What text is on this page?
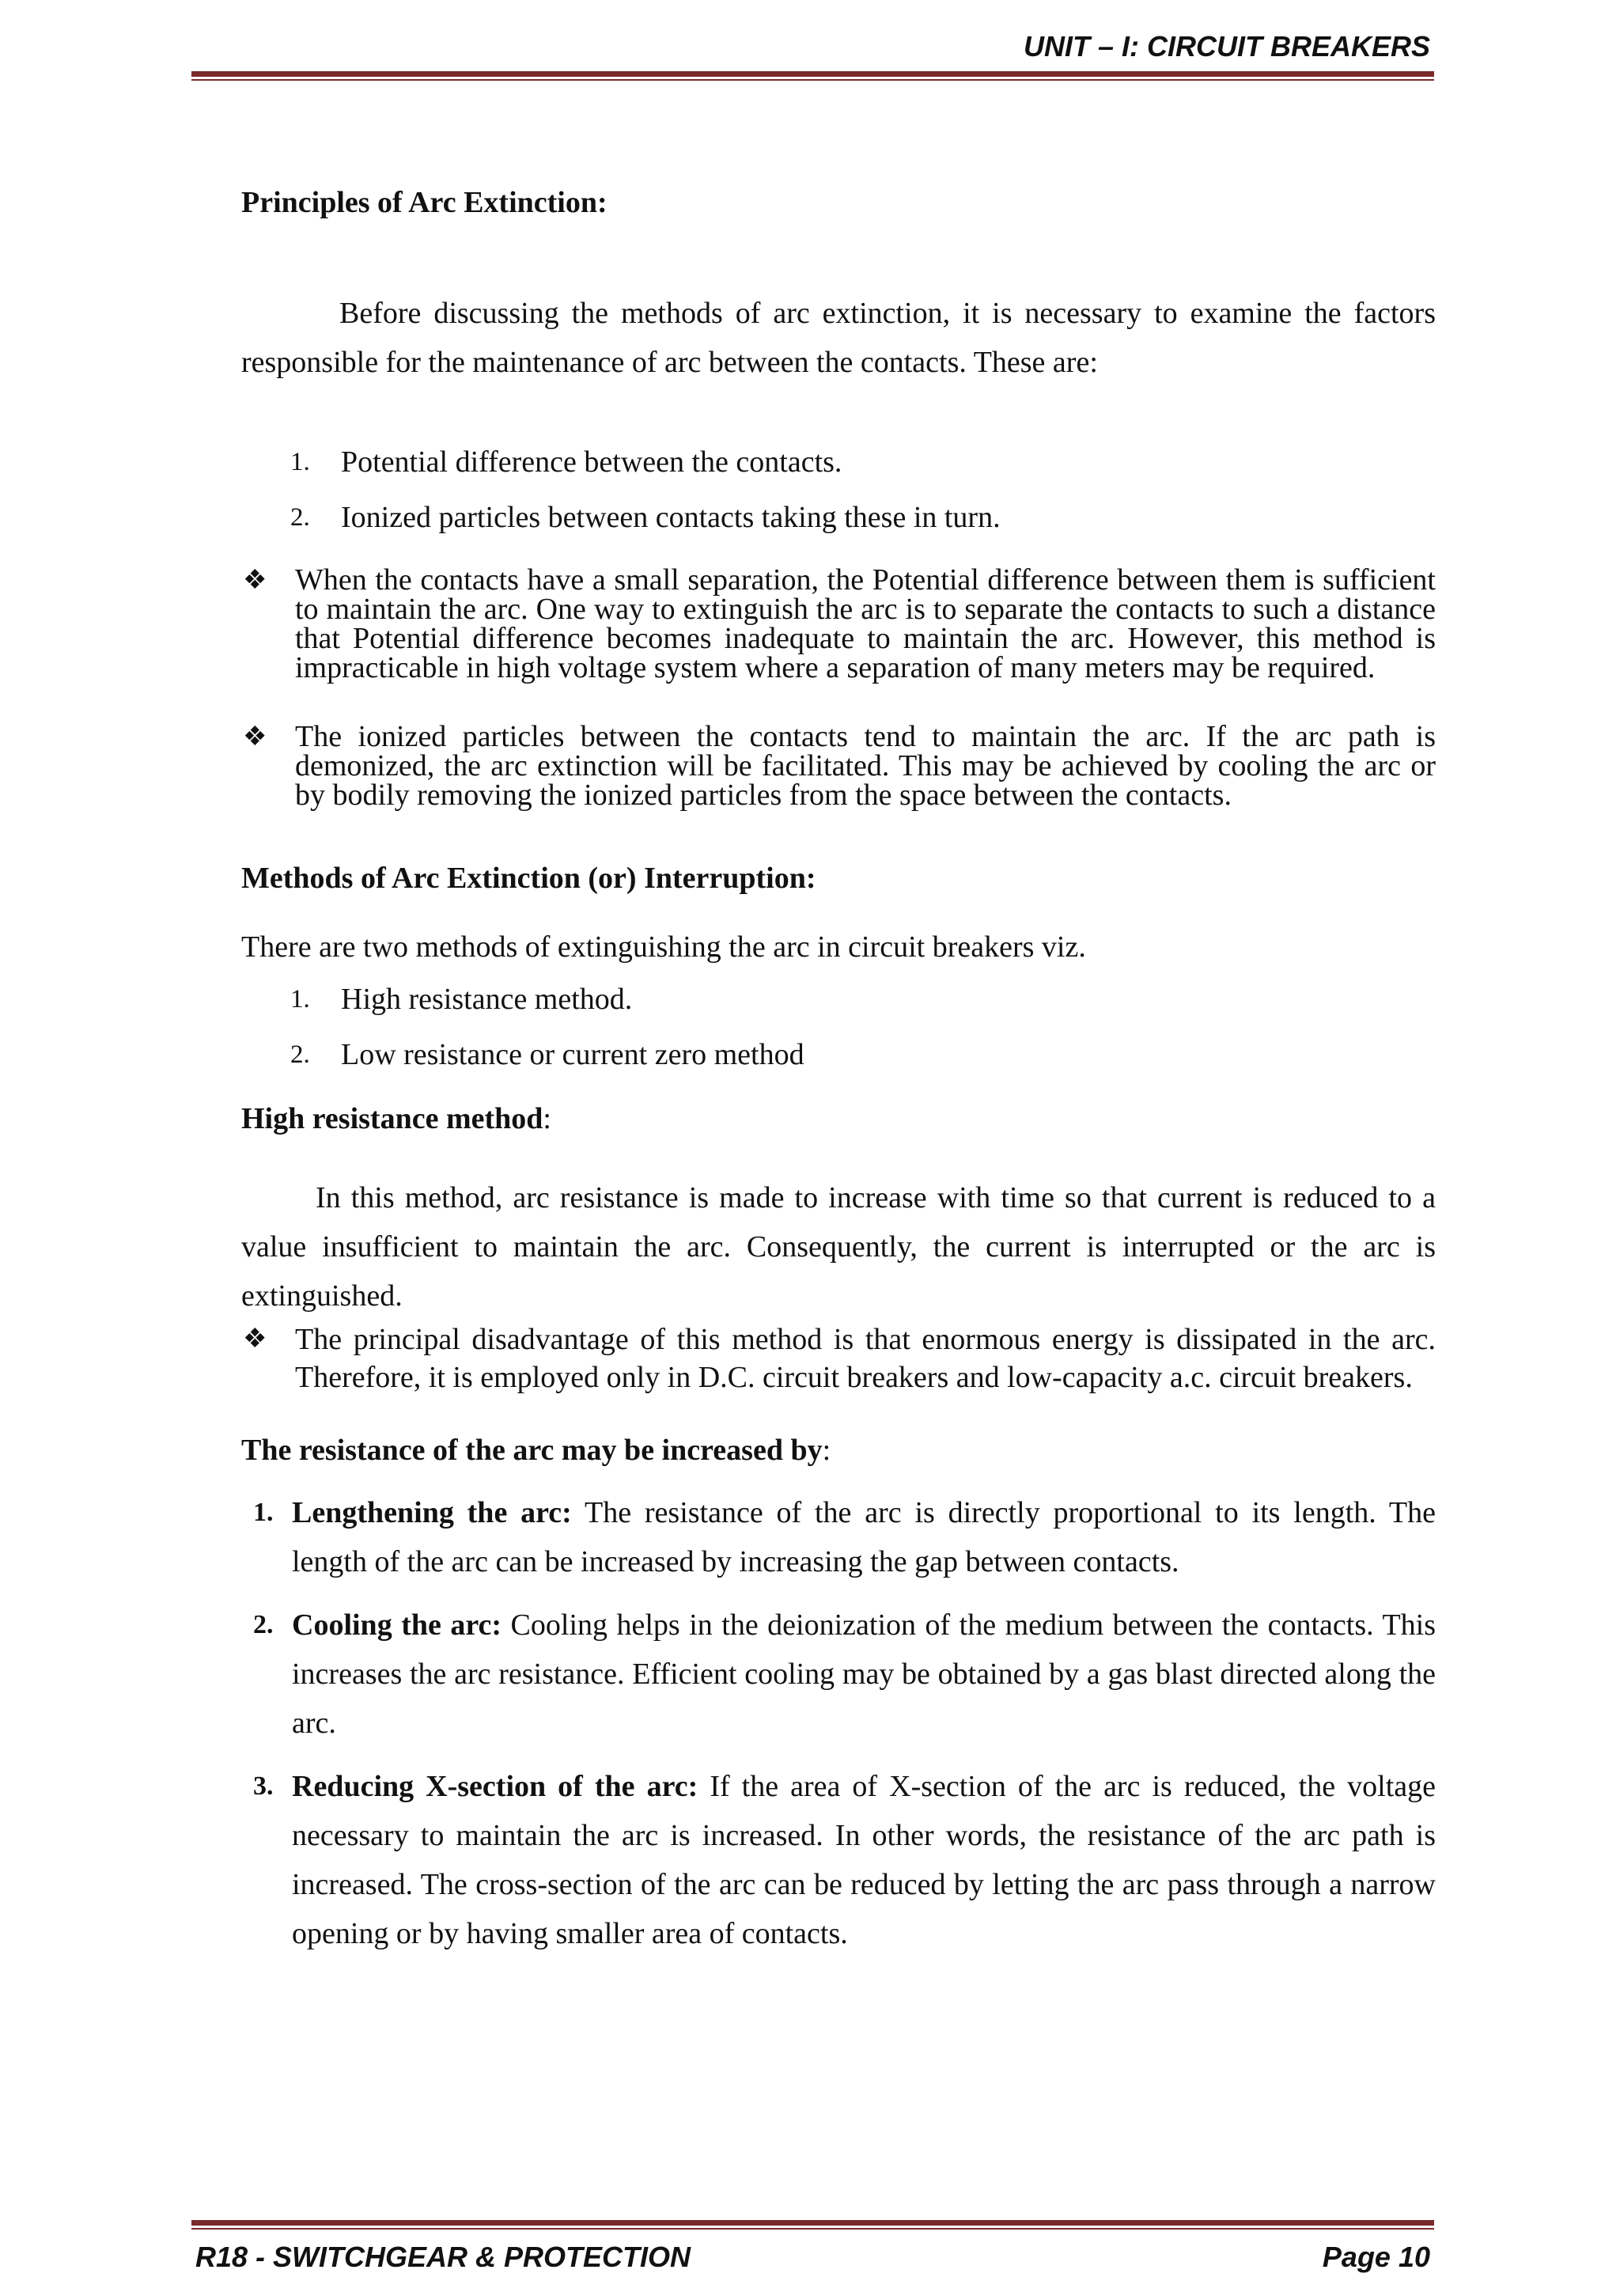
UNIT – I: CIRCUIT BREAKERS
Principles of Arc Extinction:

Before discussing the methods of arc extinction, it is necessary to examine the factors responsible for the maintenance of arc between the contacts. These are:

1. Potential difference between the contacts.
2. Ionized particles between contacts taking these in turn.
❖ When the contacts have a small separation, the Potential difference between them is sufficient to maintain the arc. One way to extinguish the arc is to separate the contacts to such a distance that Potential difference becomes inadequate to maintain the arc. However, this method is impracticable in high voltage system where a separation of many meters may be required.
❖ The ionized particles between the contacts tend to maintain the arc. If the arc path is demonized, the arc extinction will be facilitated. This may be achieved by cooling the arc or by bodily removing the ionized particles from the space between the contacts.
Methods of Arc Extinction (or) Interruption:

There are two methods of extinguishing the arc in circuit breakers viz.

1. High resistance method.
2. Low resistance or current zero method
High resistance method:

In this method, arc resistance is made to increase with time so that current is reduced to a value insufficient to maintain the arc. Consequently, the current is interrupted or the arc is extinguished.

❖ The principal disadvantage of this method is that enormous energy is dissipated in the arc. Therefore, it is employed only in D.C. circuit breakers and low-capacity a.c. circuit breakers.
The resistance of the arc may be increased by:
1. Lengthening the arc: The resistance of the arc is directly proportional to its length. The length of the arc can be increased by increasing the gap between contacts.
2. Cooling the arc: Cooling helps in the deionization of the medium between the contacts. This increases the arc resistance. Efficient cooling may be obtained by a gas blast directed along the arc.
3. Reducing X-section of the arc: If the area of X-section of the arc is reduced, the voltage necessary to maintain the arc is increased. In other words, the resistance of the arc path is increased. The cross-section of the arc can be reduced by letting the arc pass through a narrow opening or by having smaller area of contacts.
R18 - SWITCHGEAR & PROTECTION	Page 10
